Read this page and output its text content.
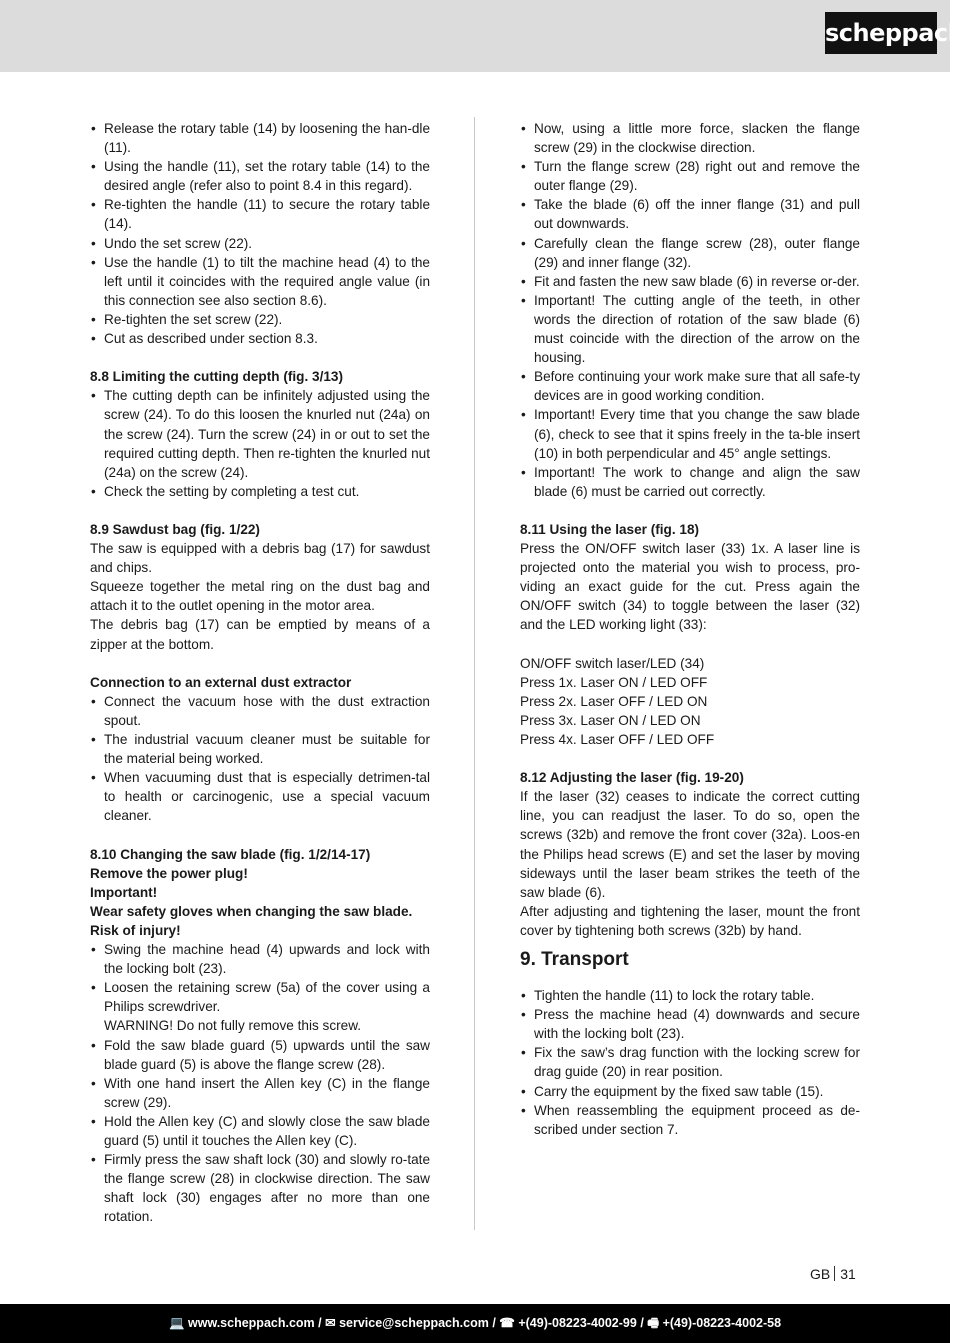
scheppach
• Release the rotary table (14) by loosening the han-dle (11).
• Using the handle (11), set the rotary table (14) to the desired angle (refer also to point 8.4 in this regard).
• Re-tighten the handle (11) to secure the rotary table (14).
• Undo the set screw (22).
• Use the handle (1) to tilt the machine head (4) to the left until it coincides with the required angle value (in this connection see also section 8.6).
• Re-tighten the set screw (22).
• Cut as described under section 8.3.
8.8 Limiting the cutting depth (fig. 3/13)
• The cutting depth can be infinitely adjusted using the screw (24). To do this loosen the knurled nut (24a) on the screw (24). Turn the screw (24) in or out to set the required cutting depth. Then re-tighten the knurled nut (24a) on the screw (24).
• Check the setting by completing a test cut.
8.9 Sawdust bag (fig. 1/22)

The saw is equipped with a debris bag (17) for sawdust and chips.

Squeeze together the metal ring on the dust bag and attach it to the outlet opening in the motor area.

The debris bag (17) can be emptied by means of a zipper at the bottom.

Connection to an external dust extractor
• Connect the vacuum hose with the dust extraction spout.
• The industrial vacuum cleaner must be suitable for the material being worked.
• When vacuuming dust that is especially detrimen-tal to health or carcinogenic, use a special vacuum cleaner.
8.10 Changing the saw blade (fig. 1/2/14-17)

Remove the power plug!

Important!

Wear safety gloves when changing the saw blade.

Risk of injury!

• Swing the machine head (4) upwards and lock with the locking bolt (23).
• Loosen the retaining screw (5a) of the cover using a Philips screwdriver.
WARNING! Do not fully remove this screw.
• Fold the saw blade guard (5) upwards until the saw blade guard (5) is above the flange screw (28).
• With one hand insert the Allen key (C) in the flange screw (29).
• Hold the Allen key (C) and slowly close the saw blade guard (5) until it touches the Allen key (C).
• Firmly press the saw shaft lock (30) and slowly ro-tate the flange screw (28) in clockwise direction. The saw shaft lock (30) engages after no more than one rotation.
• Now, using a little more force, slacken the flange screw (29) in the clockwise direction.
• Turn the flange screw (28) right out and remove the outer flange (29).
• Take the blade (6) off the inner flange (31) and pull out downwards.
• Carefully clean the flange screw (28), outer flange (29) and inner flange (32).
• Fit and fasten the new saw blade (6) in reverse or-der.
• Important! The cutting angle of the teeth, in other words the direction of rotation of the saw blade (6) must coincide with the direction of the arrow on the housing.
• Before continuing your work make sure that all safe-ty devices are in good working condition.
• Important! Every time that you change the saw blade (6), check to see that it spins freely in the ta-ble insert (10) in both perpendicular and 45° angle settings.
• Important! The work to change and align the saw blade (6) must be carried out correctly.
8.11 Using the laser (fig. 18)

Press the ON/OFF switch laser (33) 1x. A laser line is projected onto the material you wish to process, pro-viding an exact guide for the cut. Press again the ON/OFF switch (34) to toggle between the laser (32) and the LED working light (33):

ON/OFF switch laser/LED (34)
Press 1x. Laser ON / LED OFF
Press 2x. Laser OFF / LED ON
Press 3x. Laser ON / LED ON
Press 4x. Laser OFF / LED OFF
8.12 Adjusting the laser (fig. 19-20)

If the laser (32) ceases to indicate the correct cutting line, you can readjust the laser. To do so, open the screws (32b) and remove the front cover (32a). Loos-en the Philips head screws (E) and set the laser by moving sideways until the laser beam strikes the teeth of the saw blade (6).

After adjusting and tightening the laser, mount the front cover by tightening both screws (32b) by hand.

9. Transport
• Tighten the handle (11) to lock the rotary table.
• Press the machine head (4) downwards and secure with the locking bolt (23).
• Fix the saw’s drag function with the locking screw for drag guide (20) in rear position.
• Carry the equipment by the fixed saw table (15).
• When reassembling the equipment proceed as de-scribed under section 7.
GB 31
💻 www.scheppach.com / ✉ service@scheppach.com / ☎ +(49)-08223-4002-99 / 🖷 +(49)-08223-4002-58
